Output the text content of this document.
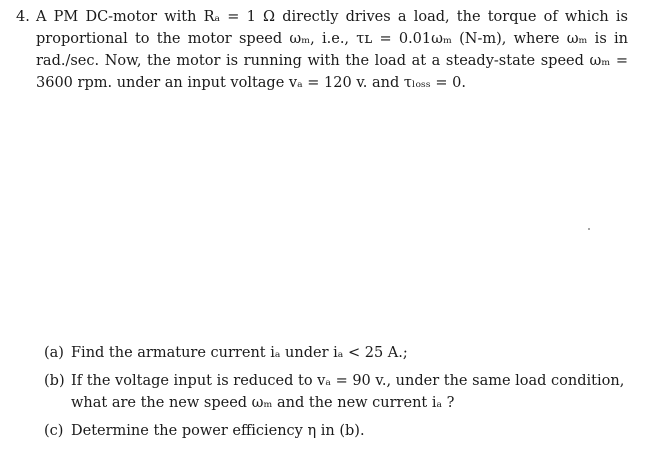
4. A PM DC-motor with Rₐ = 1 Ω directly drives a load, the torque of which is proportional to the motor speed ωₘ, i.e., τʟ = 0.01ωₘ (N-m), where ωₘ is in rad./sec. Now, the motor is running with the load at a steady-state speed ωₘ = 3600 rpm. under an input voltage vₐ = 120 v. and τₗₒₛₛ = 0.

(a) Find the armature current iₐ under iₐ < 25 A.;

(b) If the voltage input is reduced to vₐ = 90 v., under the same load condition, what are the new speed ωₘ and the new current iₐ ?

(c) Determine the power efficiency η in (b).
